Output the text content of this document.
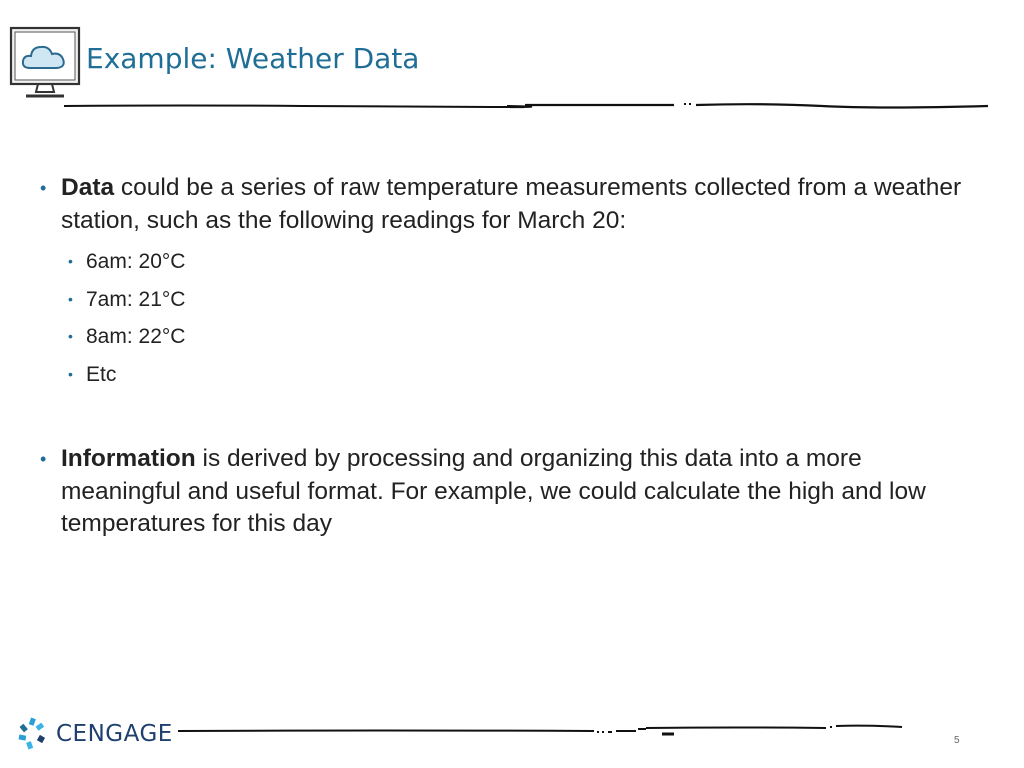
Example: Weather Data
• Data could be a series of raw temperature measurements collected from a weather station, such as the following readings for March 20:
• 6am: 20°C
• 7am: 21°C
• 8am: 22°C
• Etc
• Information is derived by processing and organizing this data into a more meaningful and useful format. For example, we could calculate the high and low temperatures for this day
CENGAGE	5
